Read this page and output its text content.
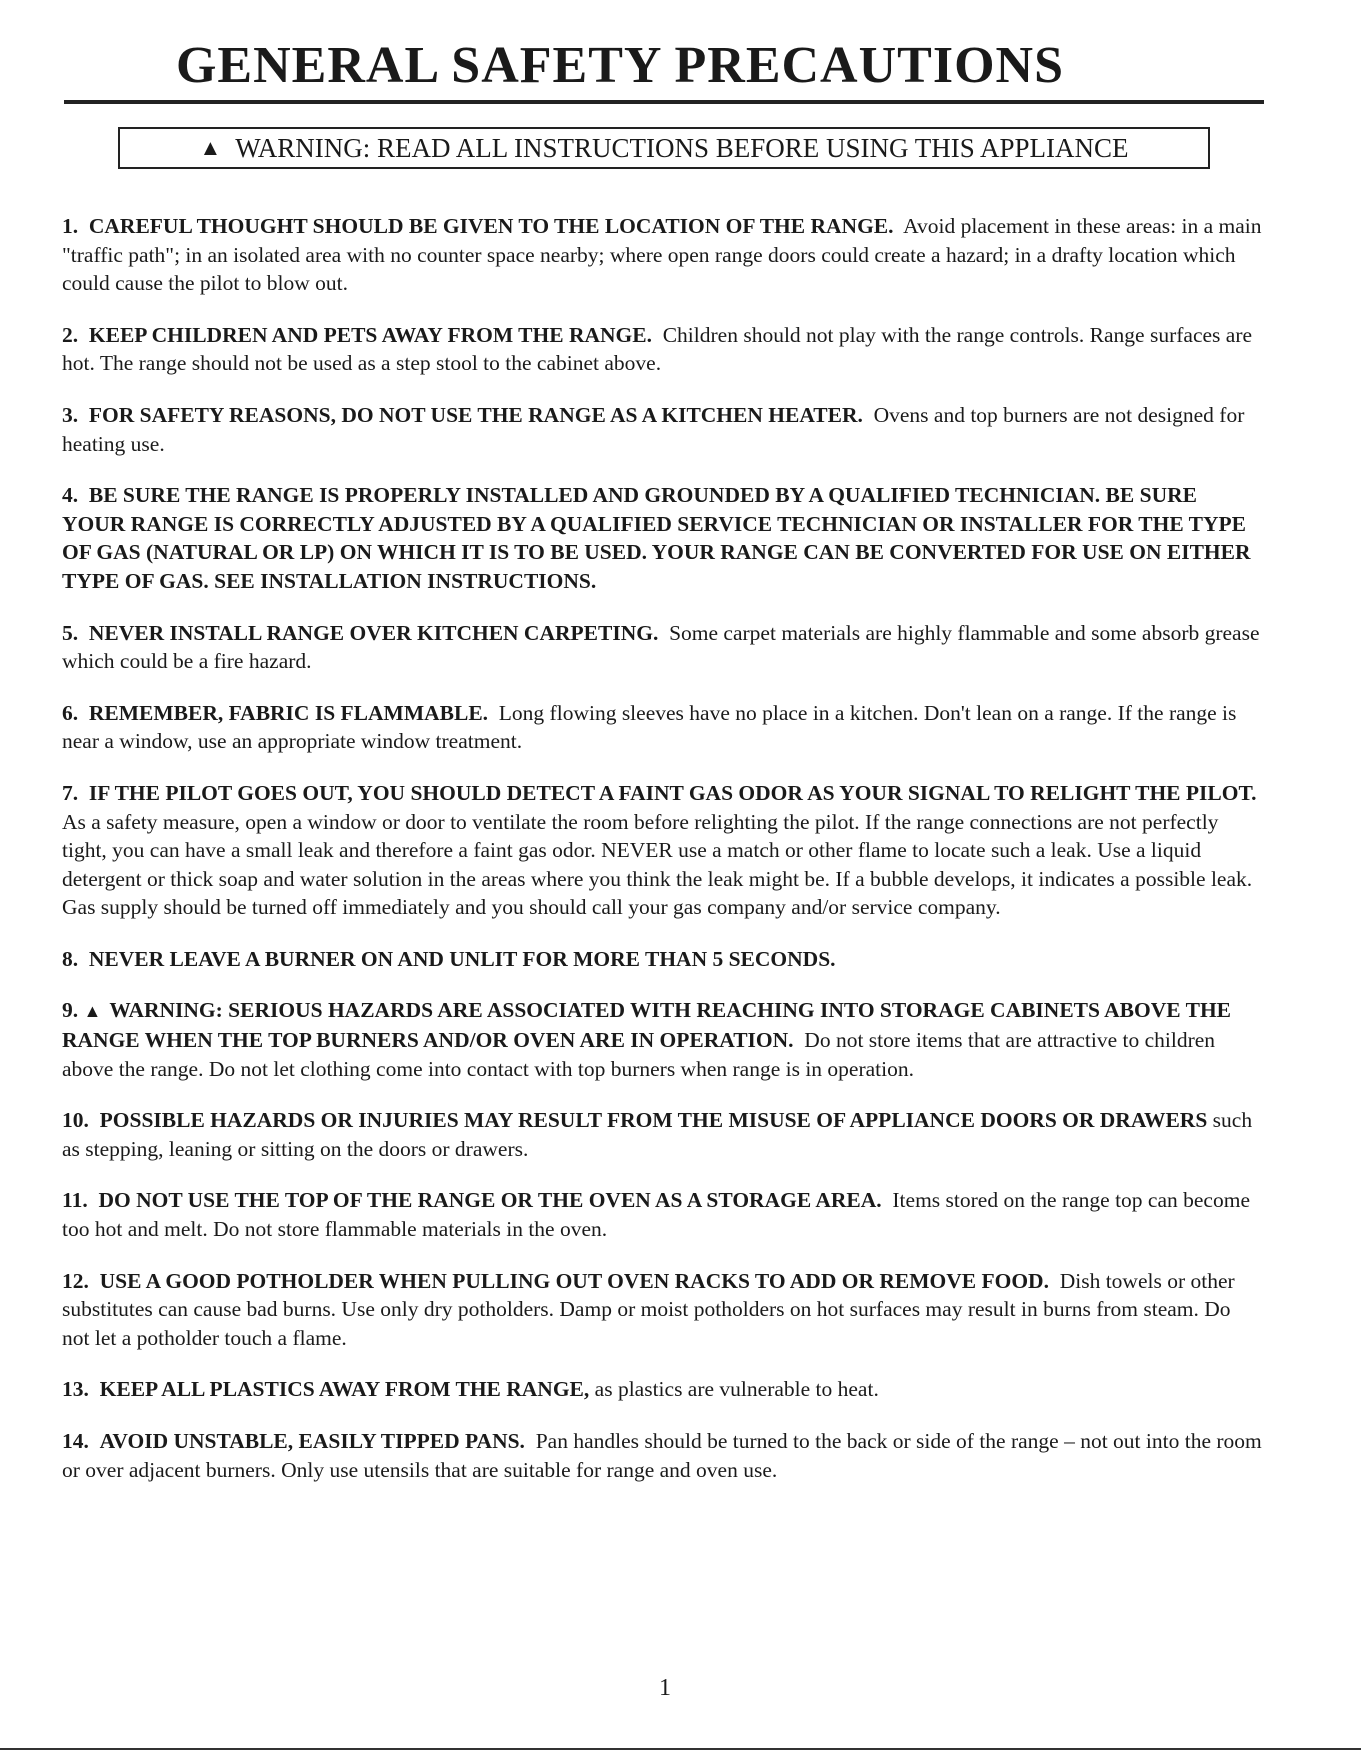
GENERAL SAFETY PRECAUTIONS
▲ WARNING: READ ALL INSTRUCTIONS BEFORE USING THIS APPLIANCE

1. CAREFUL THOUGHT SHOULD BE GIVEN TO THE LOCATION OF THE RANGE. Avoid placement in these areas: in a main "traffic path"; in an isolated area with no counter space nearby; where open range doors could create a hazard; in a drafty location which could cause the pilot to blow out.

2. KEEP CHILDREN AND PETS AWAY FROM THE RANGE. Children should not play with the range controls. Range surfaces are hot. The range should not be used as a step stool to the cabinet above.

3. FOR SAFETY REASONS, DO NOT USE THE RANGE AS A KITCHEN HEATER. Ovens and top burners are not designed for heating use.

4. BE SURE THE RANGE IS PROPERLY INSTALLED AND GROUNDED BY A QUALIFIED TECHNICIAN. BE SURE YOUR RANGE IS CORRECTLY ADJUSTED BY A QUALIFIED SERVICE TECHNICIAN OR INSTALLER FOR THE TYPE OF GAS (NATURAL OR LP) ON WHICH IT IS TO BE USED. YOUR RANGE CAN BE CONVERTED FOR USE ON EITHER TYPE OF GAS. SEE INSTALLATION INSTRUCTIONS.

5. NEVER INSTALL RANGE OVER KITCHEN CARPETING. Some carpet materials are highly flammable and some absorb grease which could be a fire hazard.

6. REMEMBER, FABRIC IS FLAMMABLE. Long flowing sleeves have no place in a kitchen. Don't lean on a range. If the range is near a window, use an appropriate window treatment.

7. IF THE PILOT GOES OUT, YOU SHOULD DETECT A FAINT GAS ODOR AS YOUR SIGNAL TO RELIGHT THE PILOT.  As a safety measure, open a window or door to ventilate the room before relighting the pilot. If the range connections are not perfectly tight, you can have a small leak and therefore a faint gas odor. NEVER use a match or other flame to locate such a leak. Use a liquid detergent or thick soap and water solution in the areas where you think the leak might be. If a bubble develops, it indicates a possible leak. Gas supply should be turned off immediately and you should call your gas company and/or service company.

8. NEVER LEAVE A BURNER ON AND UNLIT FOR MORE THAN 5 SECONDS.

9. ▲ WARNING: SERIOUS HAZARDS ARE ASSOCIATED WITH REACHING INTO STORAGE CABINETS ABOVE THE RANGE WHEN THE TOP BURNERS AND/OR OVEN ARE IN OPERATION. Do not store items that are attractive to children above the range. Do not let clothing come into contact with top burners when range is in operation.

10. POSSIBLE HAZARDS OR INJURIES MAY RESULT FROM THE MISUSE OF APPLIANCE DOORS OR DRAWERS such as stepping, leaning or sitting on the doors or drawers.

11. DO NOT USE THE TOP OF THE RANGE OR THE OVEN AS A STORAGE AREA. Items stored on the range top can become too hot and melt. Do not store flammable materials in the oven.

12. USE A GOOD POTHOLDER WHEN PULLING OUT OVEN RACKS TO ADD OR REMOVE FOOD. Dish towels or other substitutes can cause bad burns. Use only dry potholders. Damp or moist potholders on hot surfaces may result in burns from steam. Do not let a potholder touch a flame.

13. KEEP ALL PLASTICS AWAY FROM THE RANGE, as plastics are vulnerable to heat.

14. AVOID UNSTABLE, EASILY TIPPED PANS. Pan handles should be turned to the back or side of the range – not out into the room or over adjacent burners. Only use utensils that are suitable for range and oven use.

1
